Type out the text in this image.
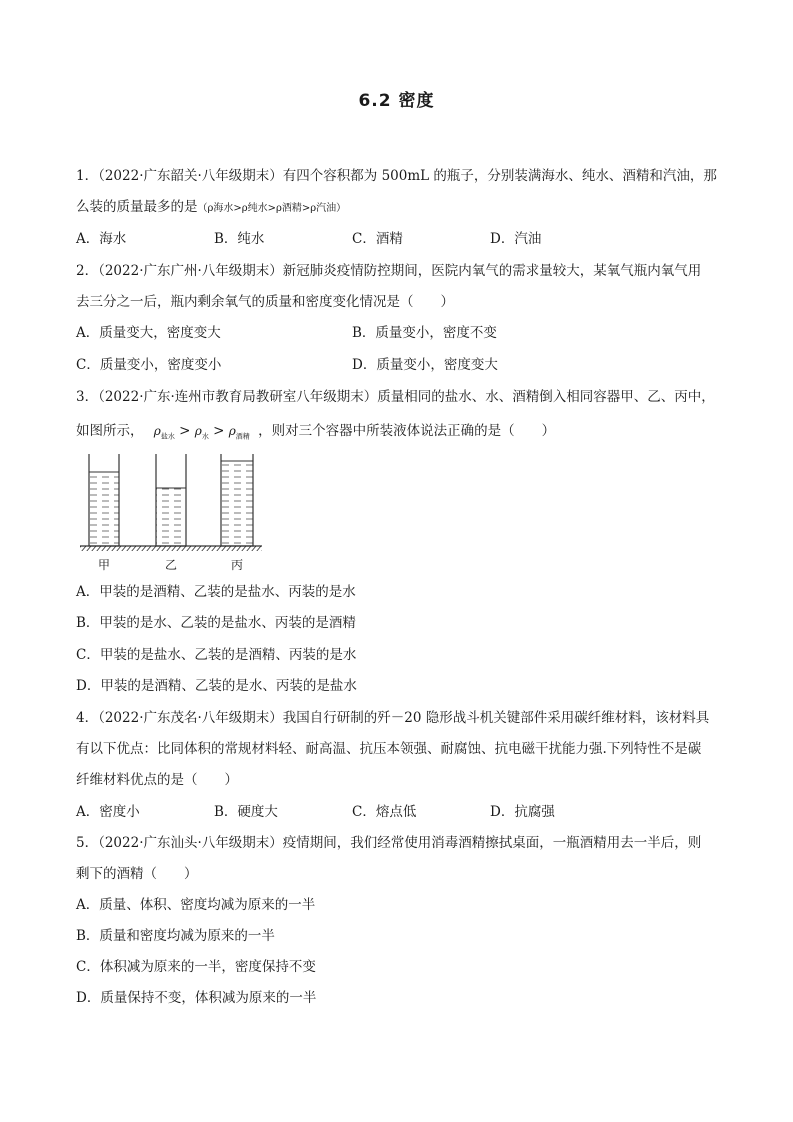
6.2 密度
1．（2022·广东韶关·八年级期末）有四个容积都为 500mL 的瓶子，分别装满海水、纯水、酒精和汽油，那
么装的质量最多的是（ρ海水>ρ纯水>ρ酒精>ρ汽油）
A．海水	B．纯水	C．酒精	D．汽油
2．（2022·广东广州·八年级期末）新冠肺炎疫情防控期间，医院内氧气的需求量较大，某氧气瓶内氧气用
去三分之一后，瓶内剩余氧气的质量和密度变化情况是（　　）
A．质量变大，密度变大	B．质量变小，密度不变
C．质量变小，密度变小	D．质量变小，密度变大
3．（2022·广东·连州市教育局教研室八年级期末）质量相同的盐水、水、酒精倒入相同容器甲、乙、丙中，
如图所示， $\rho_{盐水} > \rho_水 > \rho_{酒精}$ ，则对三个容器中所装液体说法正确的是（　　）
甲	乙	丙
A．甲装的是酒精、乙装的是盐水、丙装的是水
B．甲装的是水、乙装的是盐水、丙装的是酒精
C．甲装的是盐水、乙装的是酒精、丙装的是水
D．甲装的是酒精、乙装的是水、丙装的是盐水
4．（2022·广东茂名·八年级期末）我国自行研制的歼－20 隐形战斗机关键部件采用碳纤维材料，该材料具
有以下优点：比同体积的常规材料轻、耐高温、抗压本领强、耐腐蚀、抗电磁干扰能力强.下列特性不是碳
纤维材料优点的是（　　）
A．密度小	B．硬度大	C．熔点低	D．抗腐强
5．（2022·广东汕头·八年级期末）疫情期间，我们经常使用消毒酒精擦拭桌面，一瓶酒精用去一半后，则
剩下的酒精（　　）
A．质量、体积、密度均减为原来的一半
B．质量和密度均减为原来的一半
C．体积减为原来的一半，密度保持不变
D．质量保持不变，体积减为原来的一半
